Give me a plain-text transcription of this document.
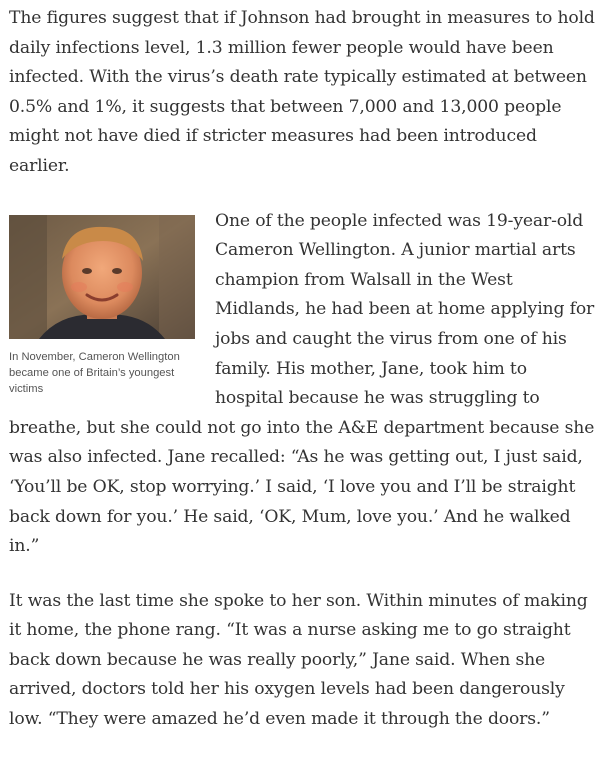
The figures suggest that if Johnson had brought in measures to hold daily infections level, 1.3 million fewer people would have been infected. With the virus’s death rate typically estimated at between 0.5% and 1%, it suggests that between 7,000 and 13,000 people might not have died if stricter measures had been introduced earlier.

In November, Cameron Wellington became one of Britain’s youngest victims

One of the people infected was 19-year-old Cameron Wellington. A junior martial arts champion from Walsall in the West Midlands, he had been at home applying for jobs and caught the virus from one of his family. His mother, Jane, took him to hospital because he was struggling to breathe, but she could not go into the A&E department because she was also infected. Jane recalled: “As he was getting out, I just said, ‘You’ll be OK, stop worrying.’ I said, ‘I love you and I’ll be straight back down for you.’ He said, ‘OK, Mum, love you.’ And he walked in.”

It was the last time she spoke to her son. Within minutes of making it home, the phone rang. “It was a nurse asking me to go straight back down because he was really poorly,” Jane said. When she arrived, doctors told her his oxygen levels had been dangerously low. “They were amazed he’d even made it through the doors.”
